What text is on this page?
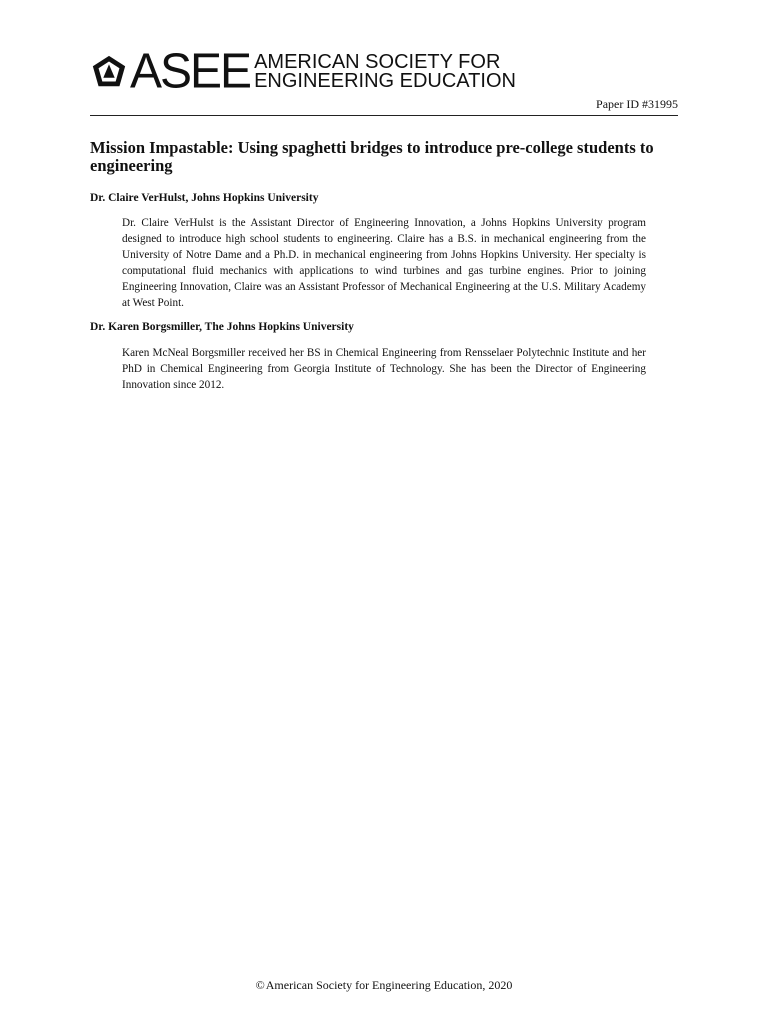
ASEE AMERICAN SOCIETY FOR
ENGINEERING EDUCATION
Paper ID #31995
Mission Impastable: Using spaghetti bridges to introduce pre-college students to engineering
Dr. Claire VerHulst, Johns Hopkins University
Dr. Claire VerHulst is the Assistant Director of Engineering Innovation, a Johns Hopkins University program designed to introduce high school students to engineering. Claire has a B.S. in mechanical engineering from the University of Notre Dame and a Ph.D. in mechanical engineering from Johns Hopkins University. Her specialty is computational fluid mechanics with applications to wind turbines and gas turbine engines. Prior to joining Engineering Innovation, Claire was an Assistant Professor of Mechanical Engineering at the U.S. Military Academy at West Point.
Dr. Karen Borgsmiller, The Johns Hopkins University
Karen McNeal Borgsmiller received her BS in Chemical Engineering from Rensselaer Polytechnic Institute and her PhD in Chemical Engineering from Georgia Institute of Technology. She has been the Director of Engineering Innovation since 2012.
©American Society for Engineering Education, 2020
